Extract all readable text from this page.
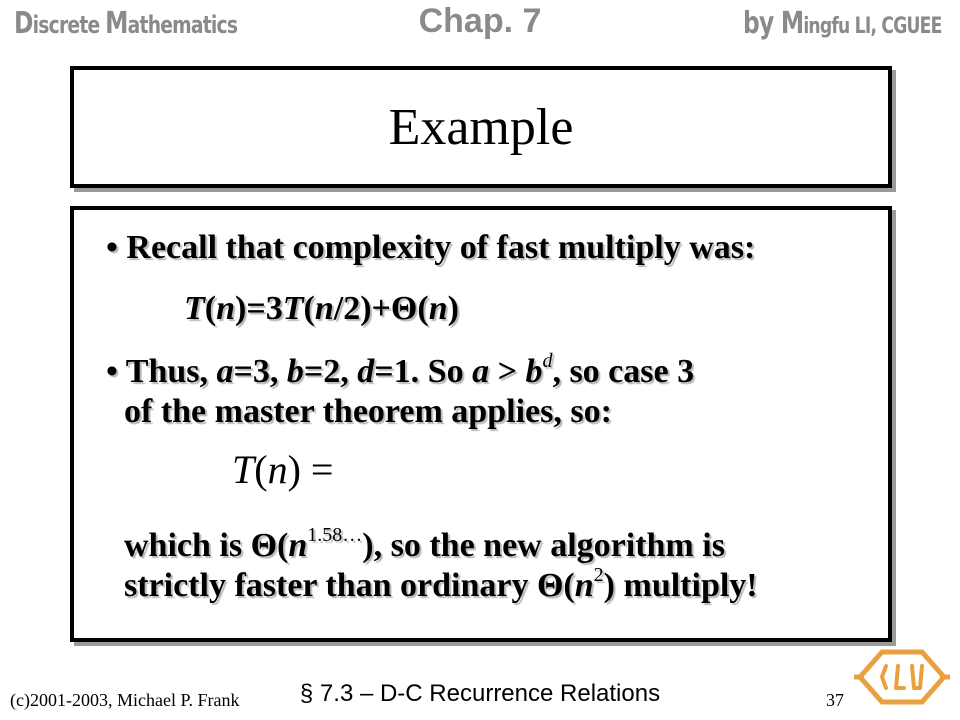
Discrete Mathematics	Chap. 7	by Mingfu LI, CGUEE
Example
• Recall that complexity of fast multiply was:
T(n)=3T(n/2)+Θ(n)
• Thus, a=3, b=2, d=1. So $a > b^d$, so case 3
of the master theorem applies, so:
T(n) =
which is $\Theta(n^{1.58\dots})$, so the new algorithm is
strictly faster than ordinary $\Theta(n^2)$ multiply!
(c)2001-2003, Michael P. Frank	§ 7.3 – D-C Recurrence Relations	37
